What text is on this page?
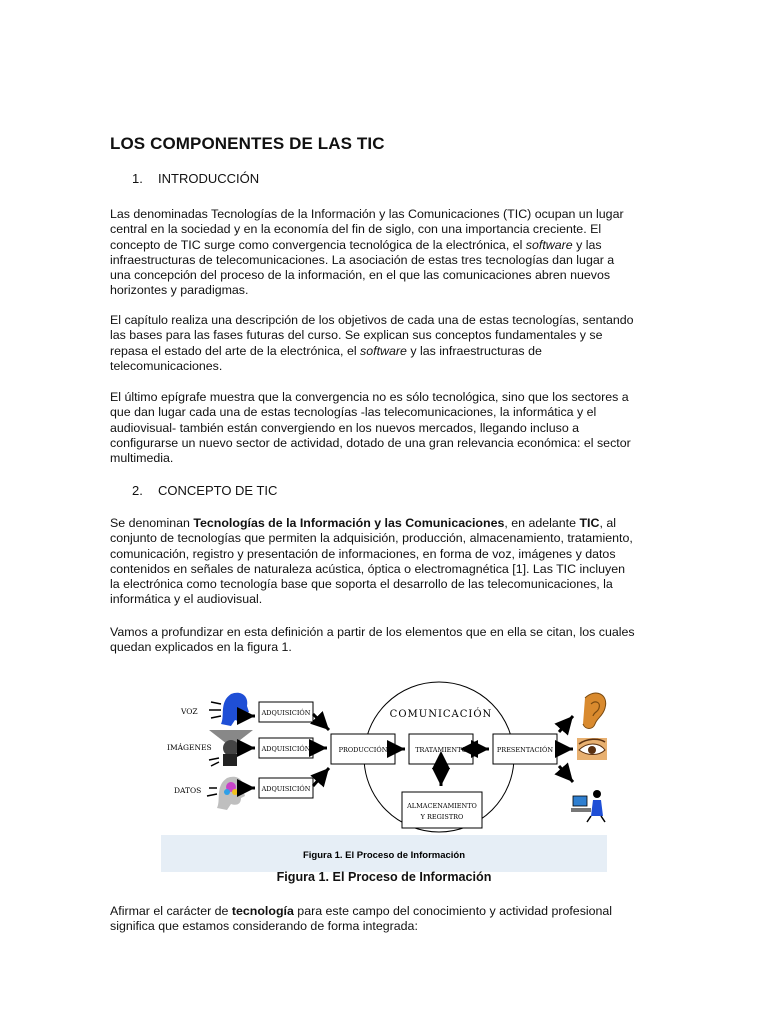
LOS COMPONENTES DE LAS TIC
1. INTRODUCCIÓN

Las denominadas Tecnologías de la Información y las Comunicaciones (TIC) ocupan un lugar
central en la sociedad y en la economía del fin de siglo, con una importancia creciente. El
concepto de TIC surge como convergencia tecnológica de la electrónica, el software y las
infraestructuras de telecomunicaciones. La asociación de estas tres tecnologías dan lugar a
una concepción del proceso de la información, en el que las comunicaciones abren nuevos
horizontes y paradigmas.

El capítulo realiza una descripción de los objetivos de cada una de estas tecnologías, sentando
las bases para las fases futuras del curso. Se explican sus conceptos fundamentales y se
repasa el estado del arte de la electrónica, el software y las infraestructuras de
telecomunicaciones.

El último epígrafe muestra que la convergencia no es sólo tecnológica, sino que los sectores a
que dan lugar cada una de estas tecnologías -las telecomunicaciones, la informática y el
audiovisual- también están convergiendo en los nuevos mercados, llegando incluso a
configurarse un nuevo sector de actividad, dotado de una gran relevancia económica: el sector
multimedia.

2. CONCEPTO DE TIC

Se denominan Tecnologías de la Información y las Comunicaciones, en adelante TIC, al
conjunto de tecnologías que permiten la adquisición, producción, almacenamiento, tratamiento,
comunicación, registro y presentación de informaciones, en forma de voz, imágenes y datos
contenidos en señales de naturaleza acústica, óptica o electromagnética [1]. Las TIC incluyen
la electrónica como tecnología base que soporta el desarrollo de las telecomunicaciones, la
informática y el audiovisual.

Vamos a profundizar en esta definición a partir de los elementos que en ella se citan, los cuales
quedan explicados en la figura 1.

Afirmar el carácter de tecnología para este campo del conocimiento y actividad profesional
significa que estamos considerando de forma integrada:

Figura 1. El Proceso de Información
COMUNICACIÓN
VOZ
IMÁGENES
DATOS
ADQUISICIÓN
ADQUISICIÓN
ADQUISICIÓN
PRODUCCIÓN	TRATAMIENTO	PRESENTACIÓN
ALMACENAMIENTO
Y REGISTRO
Figura 1. El Proceso de Información
